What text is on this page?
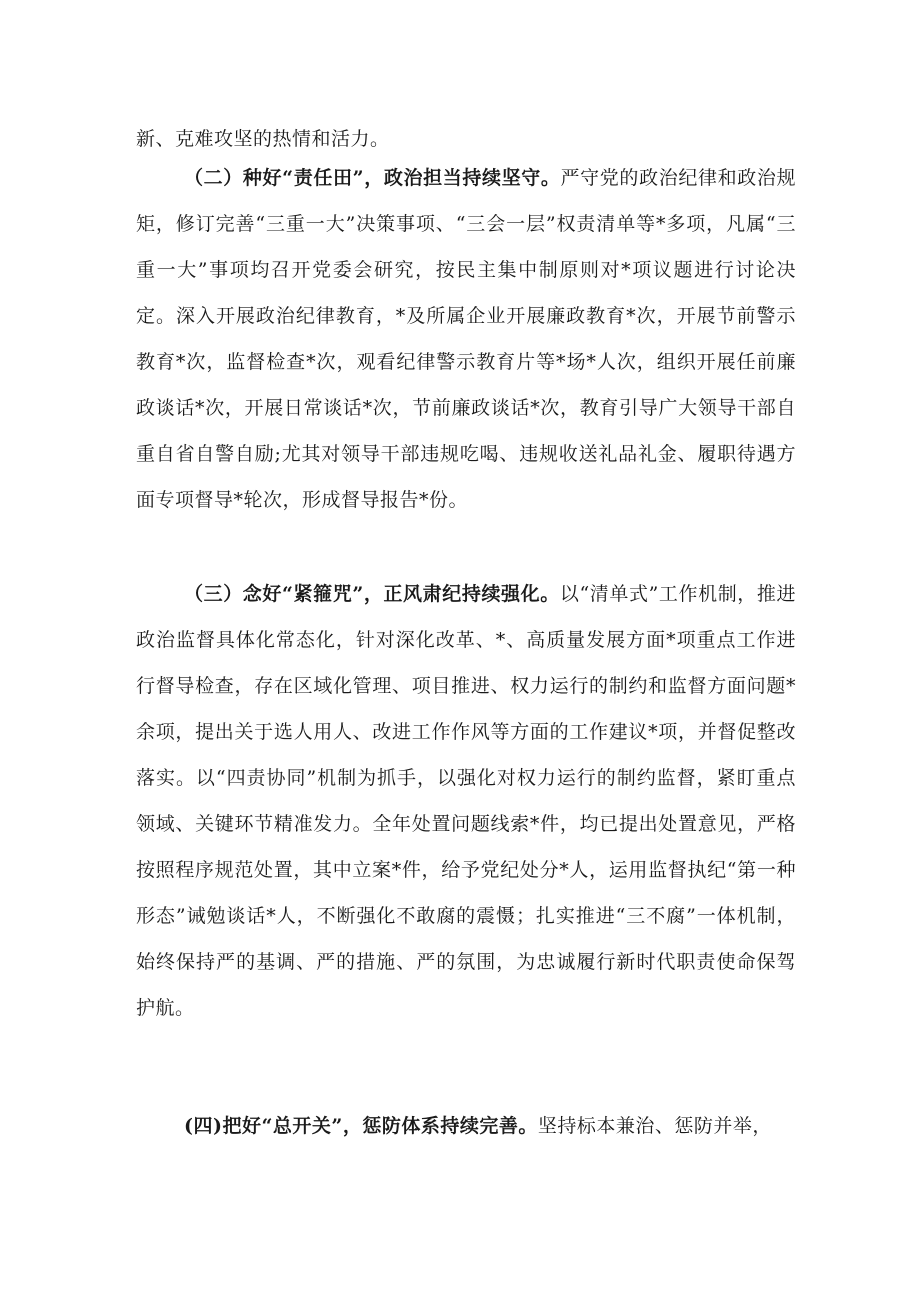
新、克难攻坚的热情和活力。

（二）种好“责任田”，政治担当持续坚守。严守党的政治纪律和政治规矩，修订完善“三重一大”决策事项、“三会一层”权责清单等*多项，凡属“三重一大”事项均召开党委会研究，按民主集中制原则对*项议题进行讨论决定。深入开展政治纪律教育，*及所属企业开展廉政教育*次，开展节前警示教育*次，监督检查*次，观看纪律警示教育片等*场*人次，组织开展任前廉政谈话*次，开展日常谈话*次，节前廉政谈话*次，教育引导广大领导干部自重自省自警自励;尤其对领导干部违规吃喝、违规收送礼品礼金、履职待遇方面专项督导*轮次，形成督导报告*份。

（三）念好“紧箍咒”，正风肃纪持续强化。以“清单式”工作机制，推进政治监督具体化常态化，针对深化改革、*、高质量发展方面*项重点工作进行督导检查，存在区域化管理、项目推进、权力运行的制约和监督方面问题*余项，提出关于选人用人、改进工作作风等方面的工作建议*项，并督促整改落实。以“四责协同”机制为抓手，以强化对权力运行的制约监督，紧盯重点领域、关键环节精准发力。全年处置问题线索*件，均已提出处置意见，严格按照程序规范处置，其中立案*件，给予党纪处分*人，运用监督执纪“第一种形态”诫勉谈话*人，不断强化不敢腐的震慑；扎实推进“三不腐”一体机制，始终保持严的基调、严的措施、严的氛围，为忠诚履行新时代职责使命保驾护航。

(四)把好“总开关”，惩防体系持续完善。坚持标本兼治、惩防并举，
